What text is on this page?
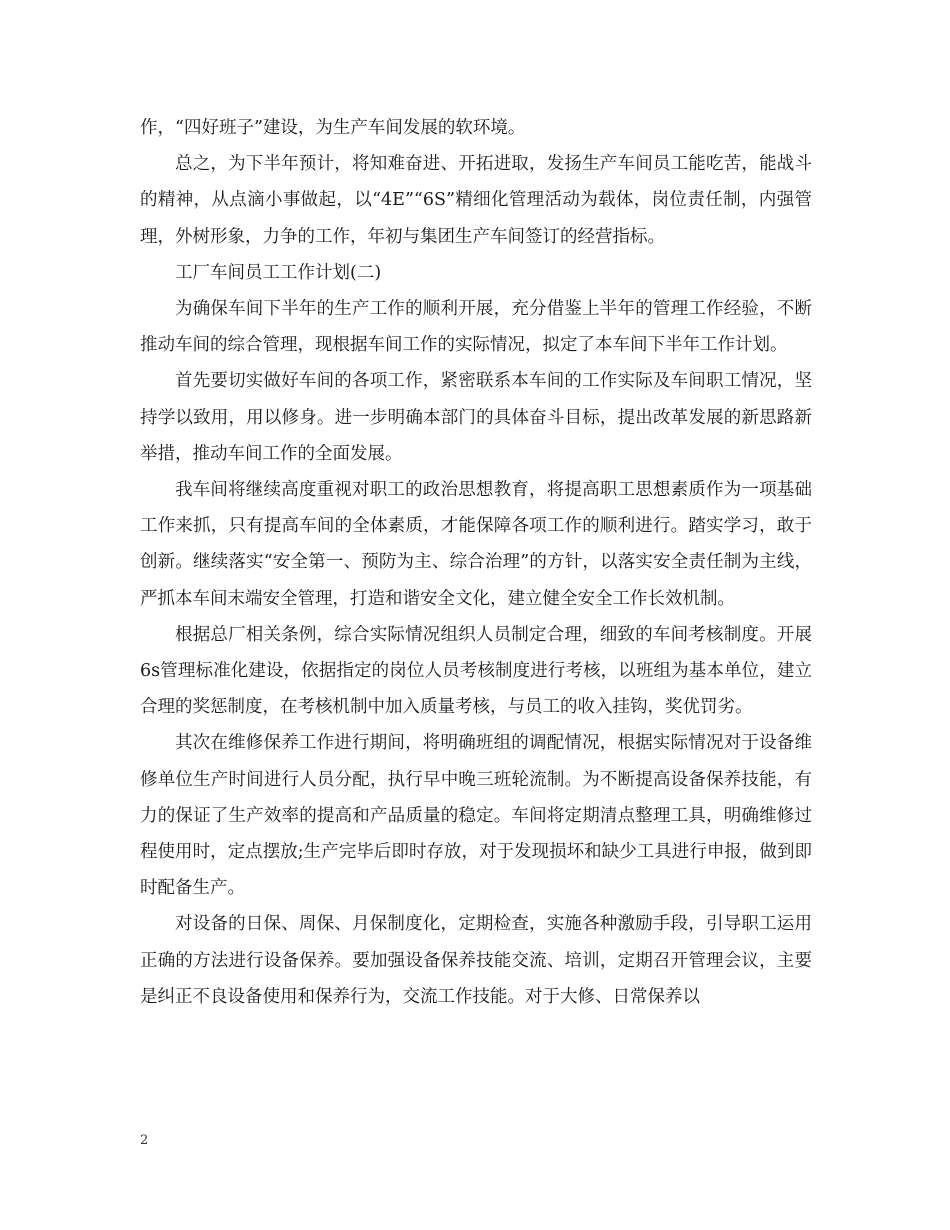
作，“四好班子”建设，为生产车间发展的软环境。

总之，为下半年预计，将知难奋进、开拓进取，发扬生产车间员工能吃苦，能战斗的精神，从点滴小事做起，以“4E”“6S”精细化管理活动为载体，岗位责任制，内强管理，外树形象，力争的工作，年初与集团生产车间签订的经营指标。

工厂车间员工工作计划(二)

为确保车间下半年的生产工作的顺利开展，充分借鉴上半年的管理工作经验，不断推动车间的综合管理，现根据车间工作的实际情况，拟定了本车间下半年工作计划。

首先要切实做好车间的各项工作，紧密联系本车间的工作实际及车间职工情况，坚持学以致用，用以修身。进一步明确本部门的具体奋斗目标，提出改革发展的新思路新举措，推动车间工作的全面发展。

我车间将继续高度重视对职工的政治思想教育，将提高职工思想素质作为一项基础工作来抓，只有提高车间的全体素质，才能保障各项工作的顺利进行。踏实学习，敢于创新。继续落实“安全第一、预防为主、综合治理”的方针，以落实安全责任制为主线，严抓本车间末端安全管理，打造和谐安全文化，建立健全安全工作长效机制。

根据总厂相关条例，综合实际情况组织人员制定合理，细致的车间考核制度。开展6s管理标准化建设，依据指定的岗位人员考核制度进行考核，以班组为基本单位，建立合理的奖惩制度，在考核机制中加入质量考核，与员工的收入挂钩，奖优罚劣。

其次在维修保养工作进行期间，将明确班组的调配情况，根据实际情况对于设备维修单位生产时间进行人员分配，执行早中晚三班轮流制。为不断提高设备保养技能，有力的保证了生产效率的提高和产品质量的稳定。车间将定期清点整理工具，明确维修过程使用时，定点摆放;生产完毕后即时存放，对于发现损坏和缺少工具进行申报，做到即时配备生产。

对设备的日保、周保、月保制度化，定期检查，实施各种激励手段，引导职工运用正确的方法进行设备保养。要加强设备保养技能交流、培训，定期召开管理会议，主要是纠正不良设备使用和保养行为，交流工作技能。对于大修、日常保养以

2
